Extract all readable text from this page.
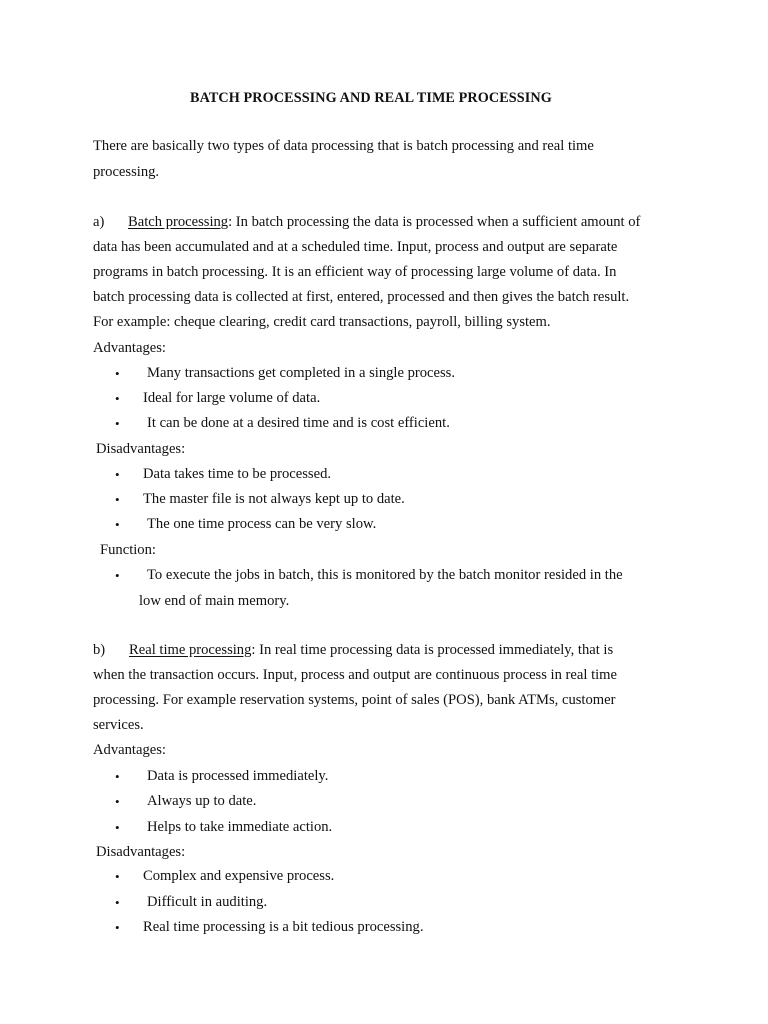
BATCH PROCESSING AND REAL TIME PROCESSING
There are basically two types of data processing that is batch processing and real time
processing.
a) Batch processing: In batch processing the data is processed when a sufficient amount of
data has been accumulated and at a scheduled time. Input, process and output are separate
programs in batch processing. It is an efficient way of processing large volume of data. In
batch processing data is collected at first, entered, processed and then gives the batch result.
For example: cheque clearing, credit card transactions, payroll, billing system.
Advantages:
• Many transactions get completed in a single process.
• Ideal for large volume of data.
• It can be done at a desired time and is cost efficient.
Disadvantages:
• Data takes time to be processed.
• The master file is not always kept up to date.
• The one time process can be very slow.
Function:
• To execute the jobs in batch, this is monitored by the batch monitor resided in the
low end of main memory.
b) Real time processing: In real time processing data is processed immediately, that is
when the transaction occurs. Input, process and output are continuous process in real time
processing. For example reservation systems, point of sales (POS), bank ATMs, customer
services.
Advantages:
• Data is processed immediately.
• Always up to date.
• Helps to take immediate action.
Disadvantages:
• Complex and expensive process.
• Difficult in auditing.
• Real time processing is a bit tedious processing.
